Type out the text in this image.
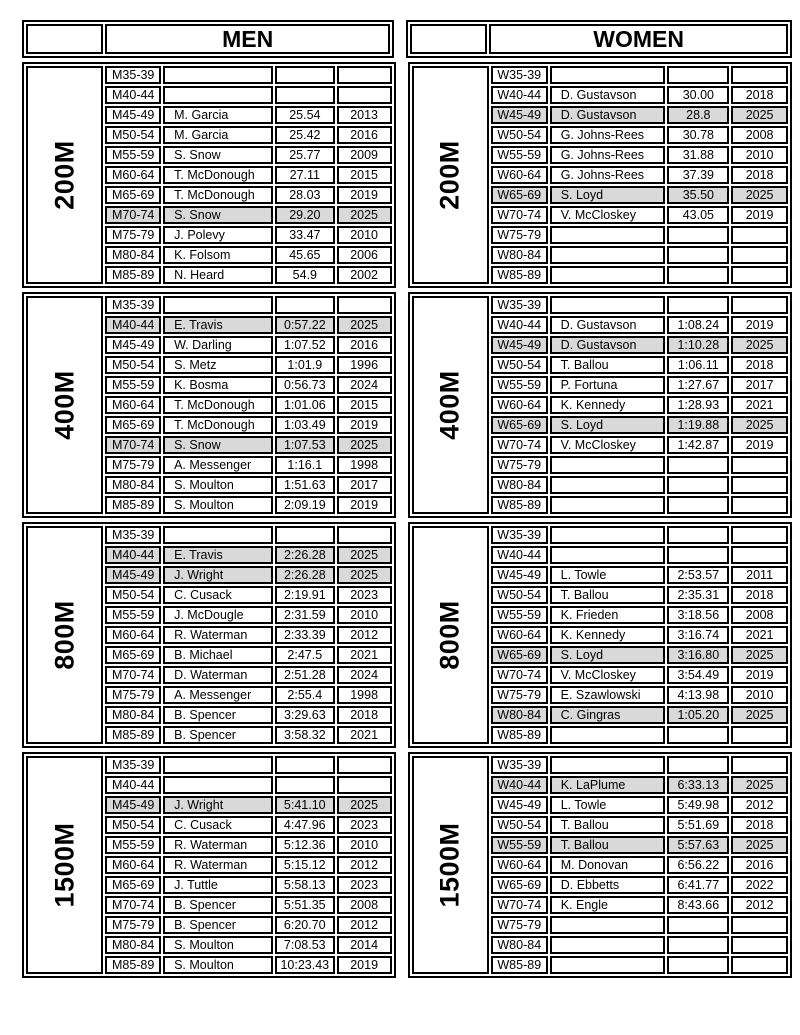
	MEN
		WOMEN
200M	M35-39			
	M40-44			
	M45-49	M. Garcia	25.54	2013
	M50-54	M. Garcia	25.42	2016
	M55-59	S. Snow	25.77	2009
	M60-64	T. McDonough	27.11	2015
	M65-69	T. McDonough	28.03	2019
	M70-74	S. Snow	29.20	2025
	M75-79	J. Polevy	33.47	2010
	M80-84	K. Folsom	45.65	2006
	M85-89	N. Heard	54.9	2002
200M	W35-39			
	W40-44	D. Gustavson	30.00	2018
	W45-49	D. Gustavson	28.8	2025
	W50-54	G. Johns-Rees	30.78	2008
	W55-59	G. Johns-Rees	31.88	2010
	W60-64	G. Johns-Rees	37.39	2018
	W65-69	S. Loyd	35.50	2025
	W70-74	V. McCloskey	43.05	2019
	W75-79			
	W80-84			
	W85-89			
400M	M35-39			
	M40-44	E. Travis	0:57.22	2025
	M45-49	W. Darling	1:07.52	2016
	M50-54	S. Metz	1:01.9	1996
	M55-59	K. Bosma	0:56.73	2024
	M60-64	T. McDonough	1:01.06	2015
	M65-69	T. McDonough	1:03.49	2019
	M70-74	S. Snow	1:07.53	2025
	M75-79	A. Messenger	1:16.1	1998
	M80-84	S. Moulton	1:51.63	2017
	M85-89	S. Moulton	2:09.19	2019
400M	W35-39			
	W40-44	D. Gustavson	1:08.24	2019
	W45-49	D. Gustavson	1:10.28	2025
	W50-54	T. Ballou	1:06.11	2018
	W55-59	P. Fortuna	1:27.67	2017
	W60-64	K. Kennedy	1:28.93	2021
	W65-69	S. Loyd	1:19.88	2025
	W70-74	V. McCloskey	1:42.87	2019
	W75-79			
	W80-84			
	W85-89			
800M	M35-39			
	M40-44	E. Travis	2:26.28	2025
	M45-49	J. Wright	2:26.28	2025
	M50-54	C. Cusack	2:19.91	2023
	M55-59	J. McDougle	2:31.59	2010
	M60-64	R. Waterman	2:33.39	2012
	M65-69	B. Michael	2:47.5	2021
	M70-74	D. Waterman	2:51.28	2024
	M75-79	A. Messenger	2:55.4	1998
	M80-84	B. Spencer	3:29.63	2018
	M85-89	B. Spencer	3:58.32	2021
800M	W35-39			
	W40-44			
	W45-49	L. Towle	2:53.57	2011
	W50-54	T. Ballou	2:35.31	2018
	W55-59	K. Frieden	3:18.56	2008
	W60-64	K. Kennedy	3:16.74	2021
	W65-69	S. Loyd	3:16.80	2025
	W70-74	V. McCloskey	3:54.49	2019
	W75-79	E. Szawlowski	4:13.98	2010
	W80-84	C. Gingras	1:05.20	2025
	W85-89			
1500M	M35-39			
	M40-44			
	M45-49	J. Wright	5:41.10	2025
	M50-54	C. Cusack	4:47.96	2023
	M55-59	R. Waterman	5:12.36	2010
	M60-64	R. Waterman	5:15.12	2012
	M65-69	J. Tuttle	5:58.13	2023
	M70-74	B. Spencer	5:51.35	2008
	M75-79	B. Spencer	6:20.70	2012
	M80-84	S. Moulton	7:08.53	2014
	M85-89	S. Moulton	10:23.43	2019
1500M	W35-39			
	W40-44	K. LaPlume	6:33.13	2025
	W45-49	L. Towle	5:49.98	2012
	W50-54	T. Ballou	5:51.69	2018
	W55-59	T. Ballou	5:57.63	2025
	W60-64	M. Donovan	6:56.22	2016
	W65-69	D. Ebbetts	6:41.77	2022
	W70-74	K. Engle	8:43.66	2012
	W75-79			
	W80-84			
	W85-89			
